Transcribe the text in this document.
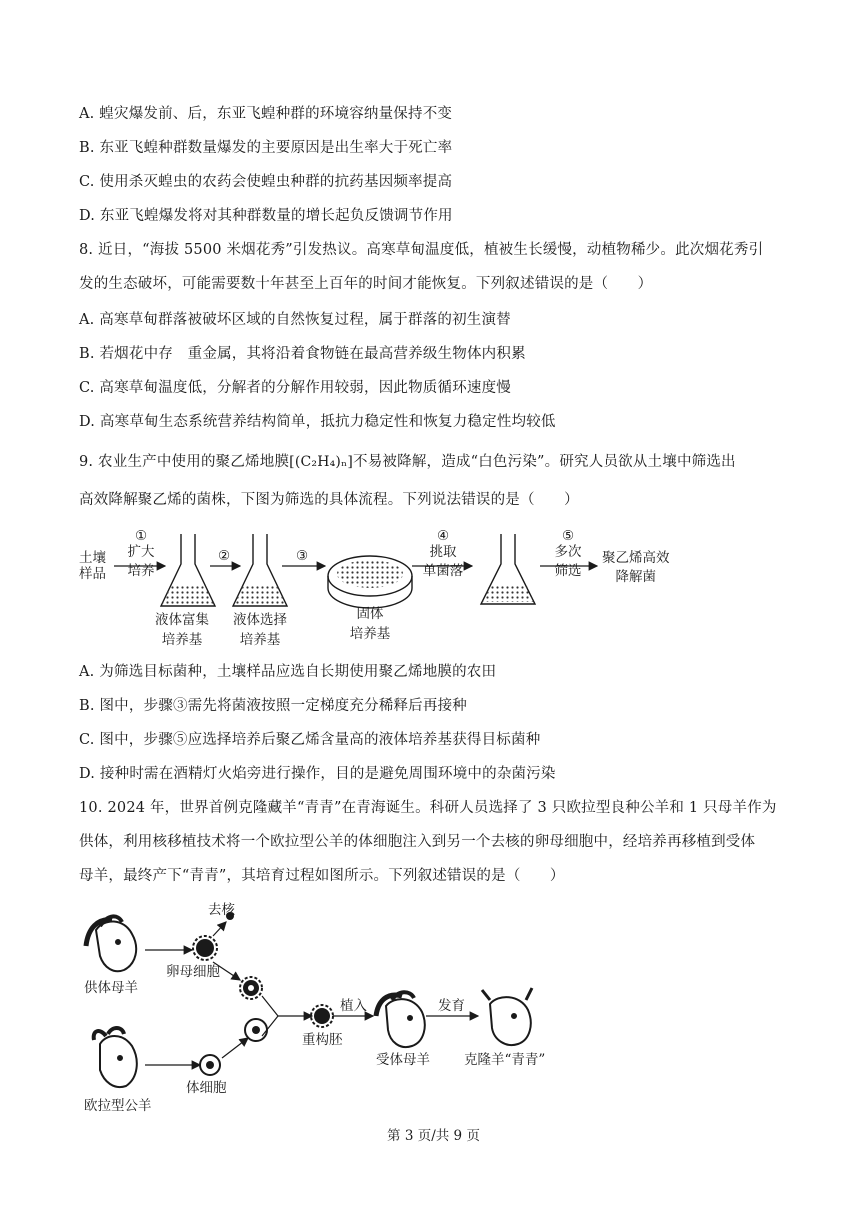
A. 蝗灾爆发前、后，东亚飞蝗种群的环境容纳量保持不变
B. 东亚飞蝗种群数量爆发的主要原因是出生率大于死亡率
C. 使用杀灭蝗虫的农药会使蝗虫种群的抗药基因频率提高
D. 东亚飞蝗爆发将对其种群数量的增长起负反馈调节作用
8. 近日，“海拔 5500 米烟花秀”引发热议。高寒草甸温度低，植被生长缓慢，动植物稀少。此次烟花秀引
发的生态破坏，可能需要数十年甚至上百年的时间才能恢复。下列叙述错误的是（　　）
A. 高寒草甸群落被破坏区域的自然恢复过程，属于群落的初生演替
B. 若烟花中存　重金属，其将沿着食物链在最高营养级生物体内积累
C. 高寒草甸温度低，分解者的分解作用较弱，因此物质循环速度慢
D. 高寒草甸生态系统营养结构简单，抵抗力稳定性和恢复力稳定性均较低
9. 农业生产中使用的聚乙烯地膜[(C₂H₄)ₙ]不易被降解，造成“白色污染”。研究人员欲从土壤中筛选出
高效降解聚乙烯的菌株，下图为筛选的具体流程。下列说法错误的是（　　）
土壤
样品
①
扩大
培养
液体富集
培养基
②
液体选择
培养基
③
固体
培养基
④
挑取
单菌落
⑤
多次
筛选
聚乙烯高效
降解菌
A. 为筛选目标菌种，土壤样品应选自长期使用聚乙烯地膜的农田
B. 图中，步骤③需先将菌液按照一定梯度充分稀释后再接种
C. 图中，步骤⑤应选择培养后聚乙烯含量高的液体培养基获得目标菌种
D. 接种时需在酒精灯火焰旁进行操作，目的是避免周围环境中的杂菌污染
10. 2024 年，世界首例克隆藏羊“青青”在青海诞生。科研人员选择了 3 只欧拉型良种公羊和 1 只母羊作为
供体，利用核移植技术将一个欧拉型公羊的体细胞注入到另一个去核的卵母细胞中，经培养再移植到受体
母羊，最终产下“青青”，其培育过程如图所示。下列叙述错误的是（　　）
去核
卵母细胞
供体母羊
欧拉型公羊
体细胞
重构胚
植入
受体母羊
发育
克隆羊“青青”
第 3 页/共 9 页
